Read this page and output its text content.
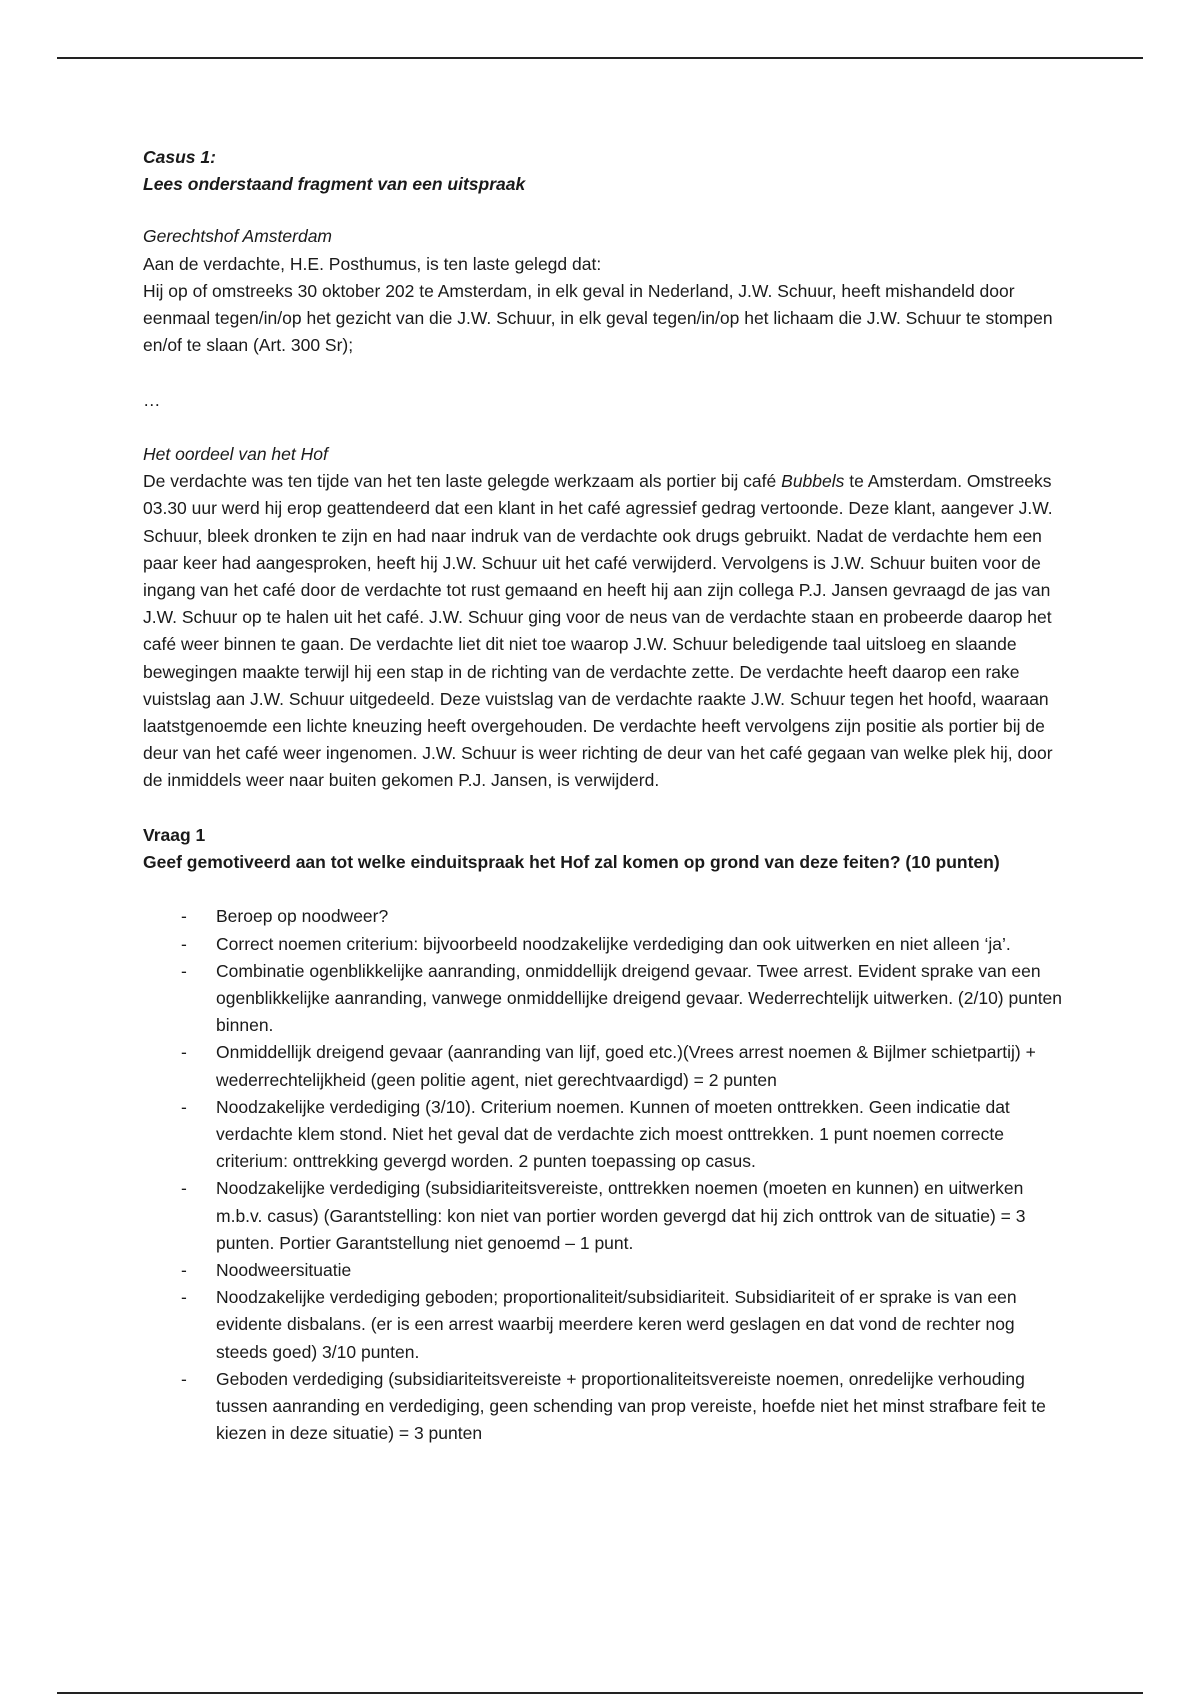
Casus 1:

Lees onderstaand fragment van een uitspraak

Gerechtshof Amsterdam

Aan de verdachte, H.E. Posthumus, is ten laste gelegd dat:

Hij op of omstreeks 30 oktober 202 te Amsterdam, in elk geval in Nederland, J.W. Schuur, heeft mishandeld door eenmaal tegen/in/op het gezicht van die J.W. Schuur, in elk geval tegen/in/op het lichaam die J.W. Schuur te stompen en/of te slaan (Art. 300 Sr);

…

Het oordeel van het Hof

De verdachte was ten tijde van het ten laste gelegde werkzaam als portier bij café Bubbels te Amsterdam. Omstreeks 03.30 uur werd hij erop geattendeerd dat een klant in het café agressief gedrag vertoonde. Deze klant, aangever J.W. Schuur, bleek dronken te zijn en had naar indruk van de verdachte ook drugs gebruikt. Nadat de verdachte hem een paar keer had aangesproken, heeft hij J.W. Schuur uit het café verwijderd. Vervolgens is J.W. Schuur buiten voor de ingang van het café door de verdachte tot rust gemaand en heeft hij aan zijn collega P.J. Jansen gevraagd de jas van J.W. Schuur op te halen uit het café. J.W. Schuur ging voor de neus van de verdachte staan en probeerde daarop het café weer binnen te gaan. De verdachte liet dit niet toe waarop J.W. Schuur beledigende taal uitsloeg en slaande bewegingen maakte terwijl hij een stap in de richting van de verdachte zette. De verdachte heeft daarop een rake vuistslag aan J.W. Schuur uitgedeeld. Deze vuistslag van de verdachte raakte J.W. Schuur tegen het hoofd, waaraan laatstgenoemde een lichte kneuzing heeft overgehouden. De verdachte heeft vervolgens zijn positie als portier bij de deur van het café weer ingenomen. J.W. Schuur is weer richting de deur van het café gegaan van welke plek hij, door de inmiddels weer naar buiten gekomen P.J. Jansen, is verwijderd.

Vraag 1

Geef gemotiveerd aan tot welke einduitspraak het Hof zal komen op grond van deze feiten? (10 punten)

- Beroep op noodweer?
- Correct noemen criterium: bijvoorbeeld noodzakelijke verdediging dan ook uitwerken en niet alleen ‘ja’.
- Combinatie ogenblikkelijke aanranding, onmiddellijk dreigend gevaar. Twee arrest. Evident sprake van een ogenblikkelijke aanranding, vanwege onmiddellijke dreigend gevaar. Wederrechtelijk uitwerken. (2/10) punten binnen.
- Onmiddellijk dreigend gevaar (aanranding van lijf, goed etc.)(Vrees arrest noemen & Bijlmer schietpartij) + wederrechtelijkheid (geen politie agent, niet gerechtvaardigd) = 2 punten
- Noodzakelijke verdediging (3/10). Criterium noemen. Kunnen of moeten onttrekken. Geen indicatie dat verdachte klem stond. Niet het geval dat de verdachte zich moest onttrekken. 1 punt noemen correcte criterium: onttrekking gevergd worden. 2 punten toepassing op casus.
- Noodzakelijke verdediging (subsidiariteitsvereiste, onttrekken noemen (moeten en kunnen) en uitwerken m.b.v. casus) (Garantstelling: kon niet van portier worden gevergd dat hij zich onttrok van de situatie) = 3 punten. Portier Garantstellung niet genoemd – 1 punt.
- Noodweersituatie
- Noodzakelijke verdediging geboden; proportionaliteit/subsidiariteit. Subsidiariteit of er sprake is van een evidente disbalans. (er is een arrest waarbij meerdere keren werd geslagen en dat vond de rechter nog steeds goed) 3/10 punten.
- Geboden verdediging (subsidiariteitsvereiste + proportionaliteitsvereiste noemen, onredelijke verhouding tussen aanranding en verdediging, geen schending van prop vereiste, hoefde niet het minst strafbare feit te kiezen in deze situatie) = 3 punten
